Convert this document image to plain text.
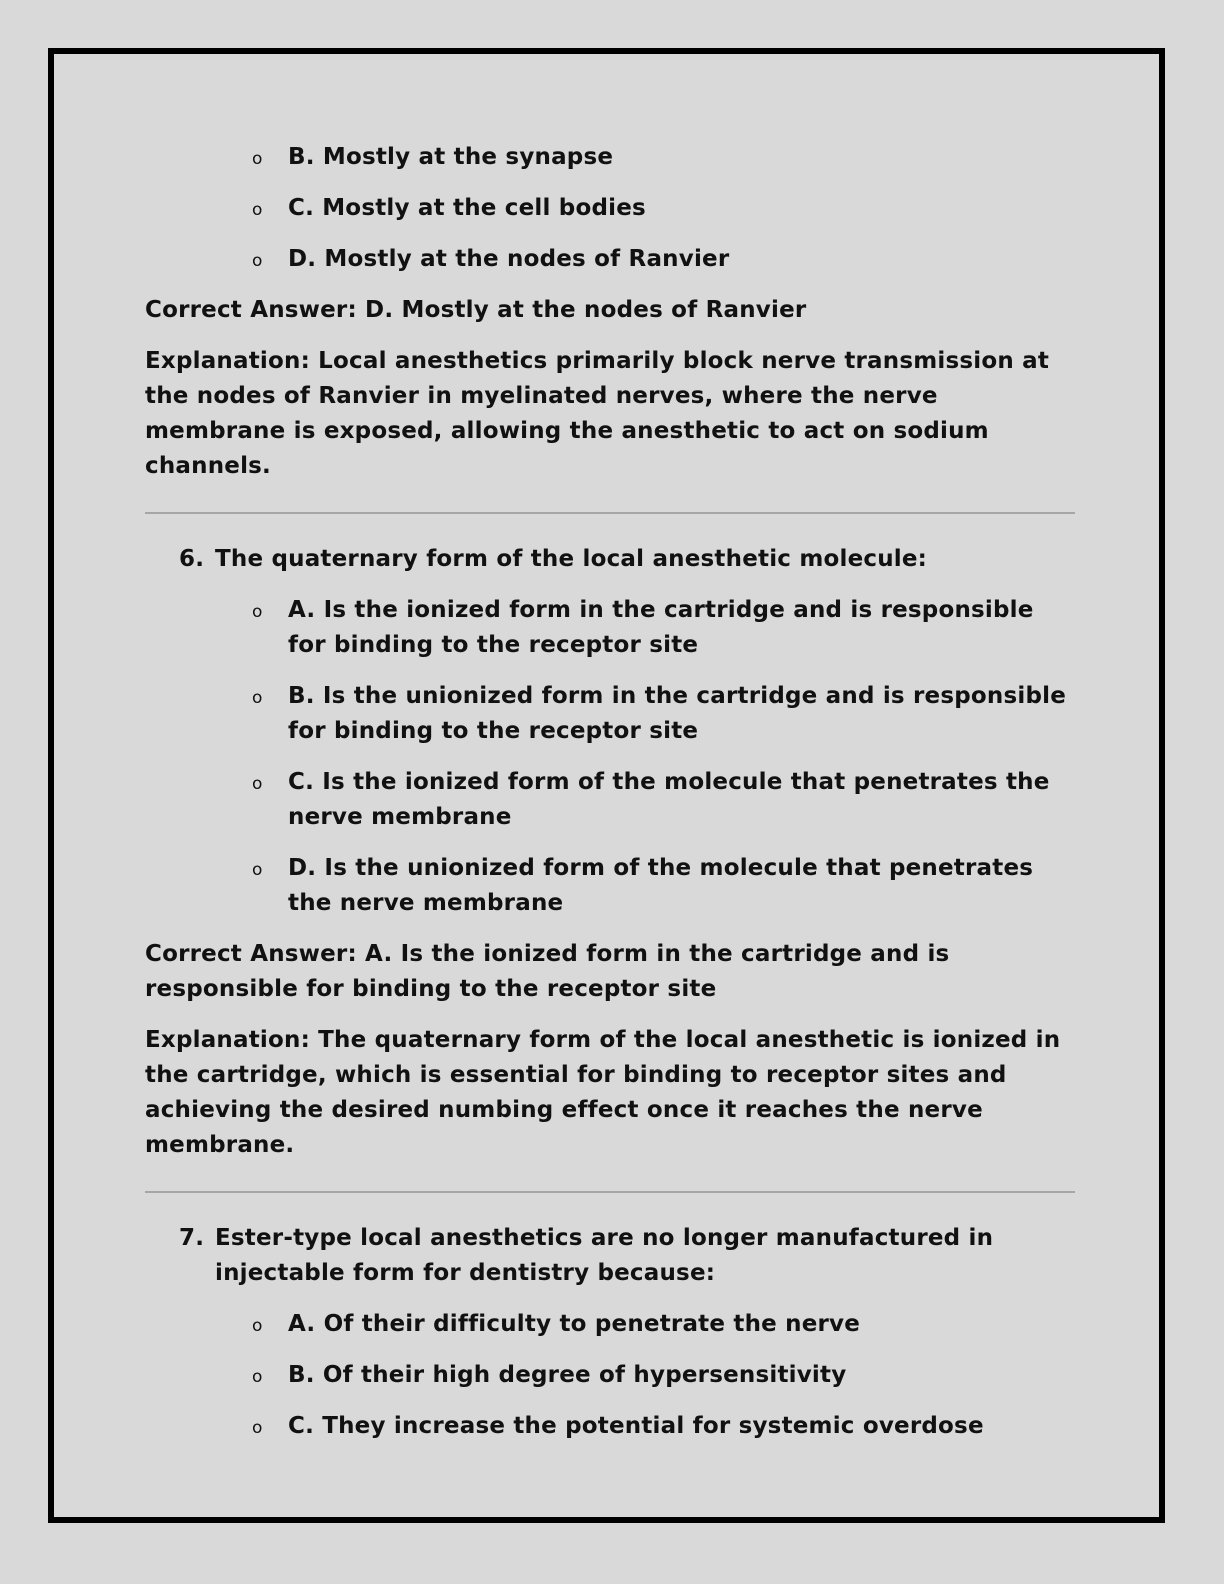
o B. Mostly at the synapse
o C. Mostly at the cell bodies
o D. Mostly at the nodes of Ranvier

Correct Answer: D. Mostly at the nodes of Ranvier

Explanation: Local anesthetics primarily block nerve transmission at the nodes of Ranvier in myelinated nerves, where the nerve membrane is exposed, allowing the anesthetic to act on sodium channels.

6. The quaternary form of the local anesthetic molecule:
o A. Is the ionized form in the cartridge and is responsible for binding to the receptor site
o B. Is the unionized form in the cartridge and is responsible for binding to the receptor site
o C. Is the ionized form of the molecule that penetrates the nerve membrane
o D. Is the unionized form of the molecule that penetrates the nerve membrane

Correct Answer: A. Is the ionized form in the cartridge and is responsible for binding to the receptor site

Explanation: The quaternary form of the local anesthetic is ionized in the cartridge, which is essential for binding to receptor sites and achieving the desired numbing effect once it reaches the nerve membrane.

7. Ester-type local anesthetics are no longer manufactured in injectable form for dentistry because:
o A. Of their difficulty to penetrate the nerve
o B. Of their high degree of hypersensitivity
o C. They increase the potential for systemic overdose
